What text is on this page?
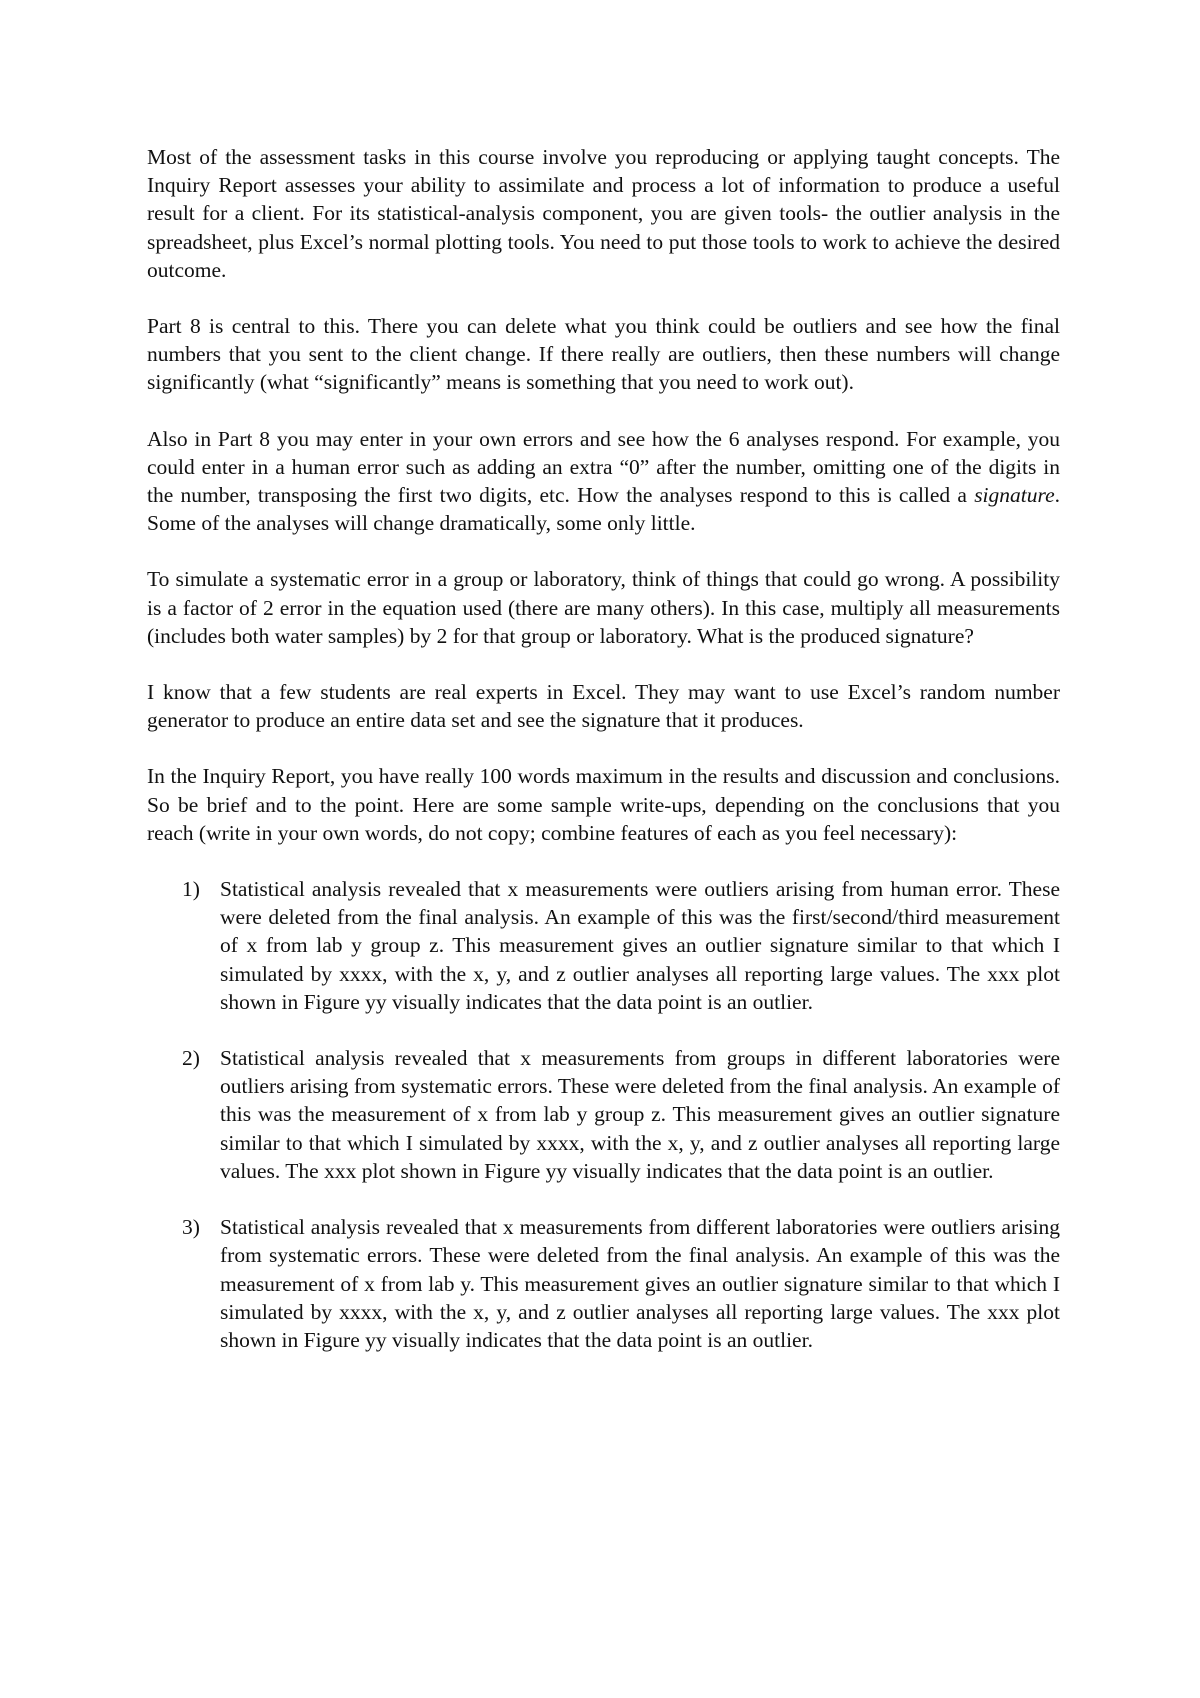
Most of the assessment tasks in this course involve you reproducing or applying taught concepts. The Inquiry Report assesses your ability to assimilate and process a lot of information to produce a useful result for a client. For its statistical-analysis component, you are given tools- the outlier analysis in the spreadsheet, plus Excel’s normal plotting tools. You need to put those tools to work to achieve the desired outcome.

Part 8 is central to this. There you can delete what you think could be outliers and see how the final numbers that you sent to the client change. If there really are outliers, then these numbers will change significantly (what “significantly” means is something that you need to work out).

Also in Part 8 you may enter in your own errors and see how the 6 analyses respond. For example, you could enter in a human error such as adding an extra “0” after the number, omitting one of the digits in the number, transposing the first two digits, etc. How the analyses respond to this is called a signature. Some of the analyses will change dramatically, some only little.

To simulate a systematic error in a group or laboratory, think of things that could go wrong. A possibility is a factor of 2 error in the equation used (there are many others). In this case, multiply all measurements (includes both water samples) by 2 for that group or laboratory. What is the produced signature?

I know that a few students are real experts in Excel. They may want to use Excel’s random number generator to produce an entire data set and see the signature that it produces.

In the Inquiry Report, you have really 100 words maximum in the results and discussion and conclusions. So be brief and to the point. Here are some sample write-ups, depending on the conclusions that you reach (write in your own words, do not copy; combine features of each as you feel necessary):

1) Statistical analysis revealed that x measurements were outliers arising from human error. These were deleted from the final analysis. An example of this was the first/second/third measurement of x from lab y group z. This measurement gives an outlier signature similar to that which I simulated by xxxx, with the x, y, and z outlier analyses all reporting large values. The xxx plot shown in Figure yy visually indicates that the data point is an outlier.
2) Statistical analysis revealed that x measurements from groups in different laboratories were outliers arising from systematic errors. These were deleted from the final analysis. An example of this was the measurement of x from lab y group z. This measurement gives an outlier signature similar to that which I simulated by xxxx, with the x, y, and z outlier analyses all reporting large values. The xxx plot shown in Figure yy visually indicates that the data point is an outlier.
3) Statistical analysis revealed that x measurements from different laboratories were outliers arising from systematic errors. These were deleted from the final analysis. An example of this was the measurement of x from lab y. This measurement gives an outlier signature similar to that which I simulated by xxxx, with the x, y, and z outlier analyses all reporting large values. The xxx plot shown in Figure yy visually indicates that the data point is an outlier.
